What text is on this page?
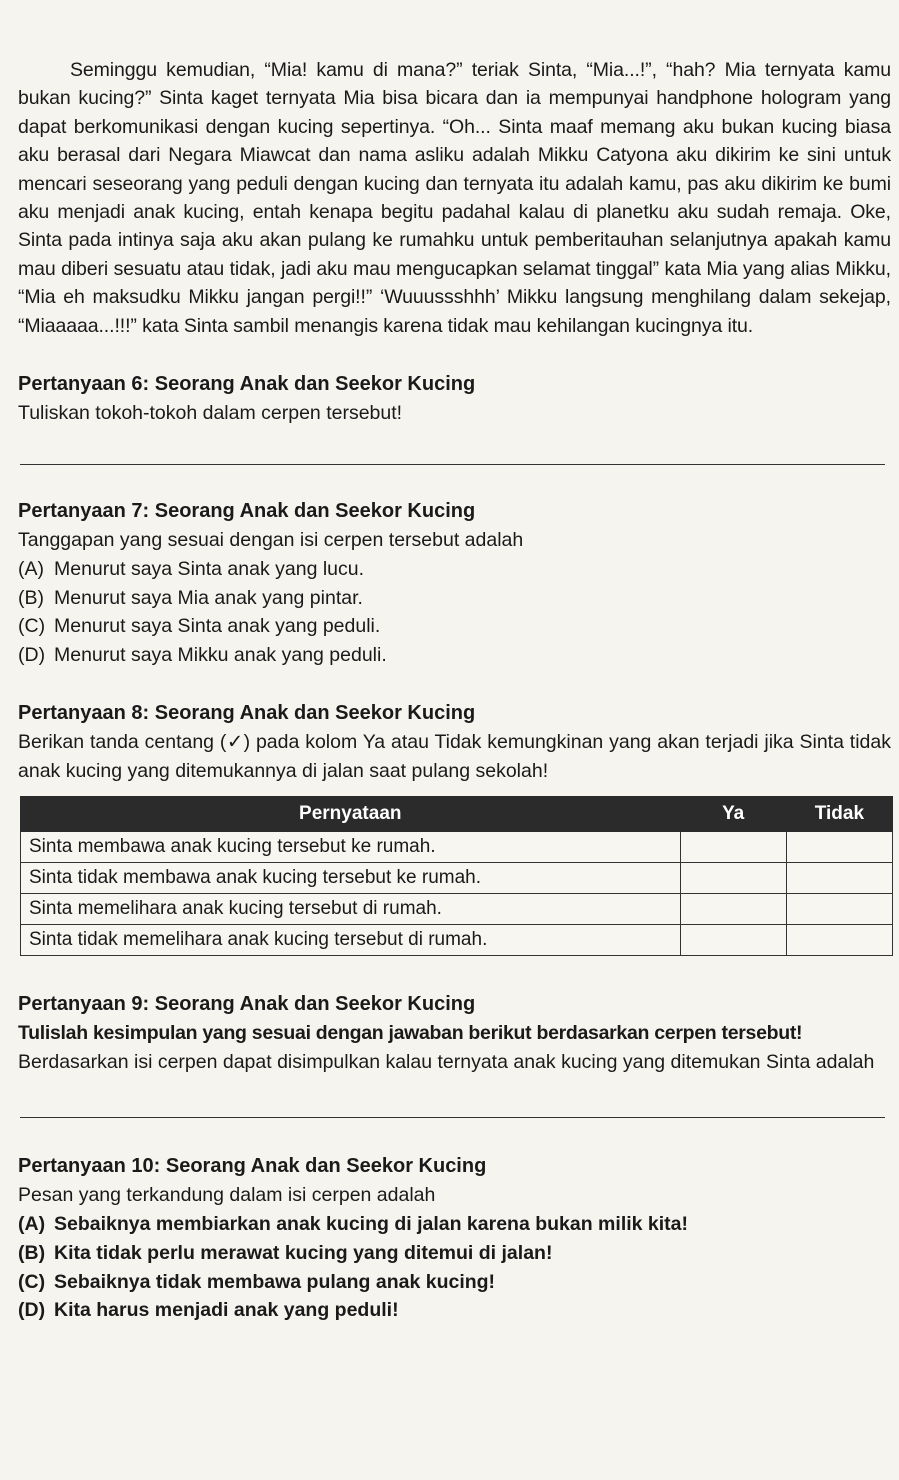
Seminggu kemudian, “Mia! kamu di mana?” teriak Sinta, “Mia...!”, “hah? Mia ternyata kamu bukan kucing?” Sinta kaget ternyata Mia bisa bicara dan ia mempunyai handphone hologram yang dapat berkomunikasi dengan kucing sepertinya. “Oh... Sinta maaf memang aku bukan kucing biasa aku berasal dari Negara Miawcat dan nama asliku adalah Mikku Catyona aku dikirim ke sini untuk mencari seseorang yang peduli dengan kucing dan ternyata itu adalah kamu, pas aku dikirim ke bumi aku menjadi anak kucing, entah kenapa begitu padahal kalau di planetku aku sudah remaja. Oke, Sinta pada intinya saja aku akan pulang ke rumahku untuk pemberitauhan selanjutnya apakah kamu mau diberi sesuatu atau tidak, jadi aku mau mengucapkan selamat tinggal” kata Mia yang alias Mikku, “Mia eh maksudku Mikku jangan pergi!!” ‘Wuuussshhh’ Mikku langsung menghilang dalam sekejap, “Miaaaaa...!!!” kata Sinta sambil menangis karena tidak mau kehilangan kucingnya itu.

Pertanyaan 6: Seorang Anak dan Seekor Kucing

Tuliskan tokoh-tokoh dalam cerpen tersebut!

Pertanyaan 7: Seorang Anak dan Seekor Kucing

Tanggapan yang sesuai dengan isi cerpen tersebut adalah

(A) Menurut saya Sinta anak yang lucu.
(B) Menurut saya Mia anak yang pintar.
(C) Menurut saya Sinta anak yang peduli.
(D) Menurut saya Mikku anak yang peduli.

Pertanyaan 8: Seorang Anak dan Seekor Kucing

Berikan tanda centang (✓) pada kolom Ya atau Tidak kemungkinan yang akan terjadi jika Sinta tidak anak kucing yang ditemukannya di jalan saat pulang sekolah!

Pernyataan	Ya	Tidak
Sinta membawa anak kucing tersebut ke rumah.		
Sinta tidak membawa anak kucing tersebut ke rumah.		
Sinta memelihara anak kucing tersebut di rumah.		
Sinta tidak memelihara anak kucing tersebut di rumah.		

Pertanyaan 9: Seorang Anak dan Seekor Kucing

Tulislah kesimpulan yang sesuai dengan jawaban berikut berdasarkan cerpen tersebut!

Berdasarkan isi cerpen dapat disimpulkan kalau ternyata anak kucing yang ditemukan Sinta adalah

Pertanyaan 10: Seorang Anak dan Seekor Kucing

Pesan yang terkandung dalam isi cerpen adalah

(A) Sebaiknya membiarkan anak kucing di jalan karena bukan milik kita!
(B) Kita tidak perlu merawat kucing yang ditemui di jalan!
(C) Sebaiknya tidak membawa pulang anak kucing!
(D) Kita harus menjadi anak yang peduli!
